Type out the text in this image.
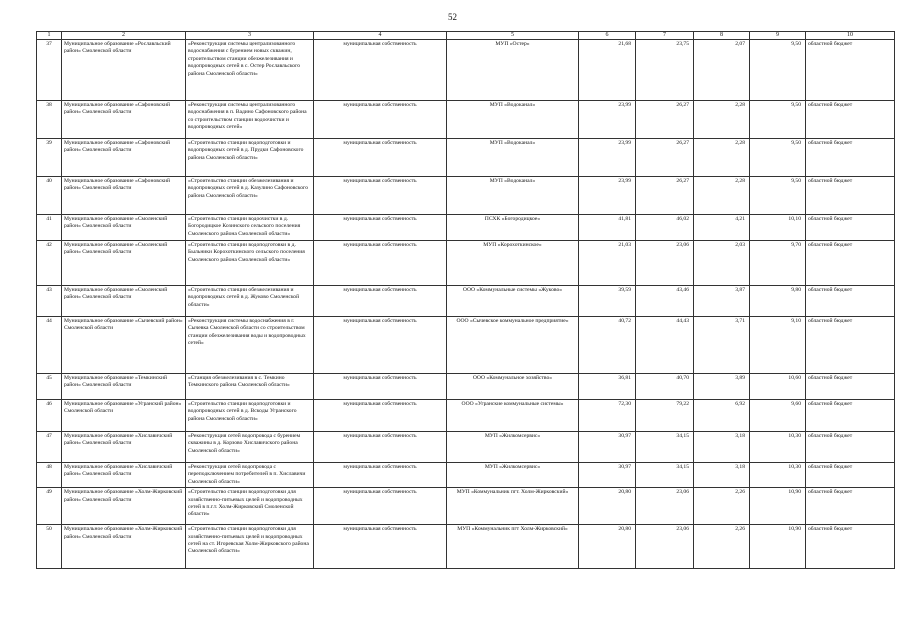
52
1	2	3	4	5	6	7	8	9	10
37	Муниципальное образование «Рославльский район» Смоленской области	«Реконструкция системы централизованного водоснабжения с бурением новых скважин, строительством станции обезжелезивания и водопроводных сетей в с. Остер Рославльского района Смоленской области»	муниципальная собственность	МУП «Остер»	21,68	23,75	2,07	9,50	областной бюджет
38	Муниципальное образование «Сафоновский район» Смоленской области	«Реконструкция системы централизованного водоснабжения в п. Вадино Сафоновского района со строительством станции водоочистки и водопроводных сетей»	муниципальная собственность	МУП «Водоканал»	23,99	26,27	2,28	9,50	областной бюджет
39	Муниципальное образование «Сафоновский район» Смоленской области	«Строительство станции водоподготовки и водопроводных сетей в д. Прудки Сафоновского района Смоленской области»	муниципальная собственность	МУП «Водоканал»	23,99	26,27	2,28	9,50	областной бюджет
40	Муниципальное образование «Сафоновский район» Смоленской области	«Строительство станции обезжелезивания и водопроводных сетей в д. Казулино Сафоновского района Смоленской области»	муниципальная собственность	МУП «Водоканал»	23,99	26,27	2,28	9,50	областной бюджет
41	Муниципальное образование «Смоленский район» Смоленской области	«Строительство станции водоочистки в д. Богородицкое Козинского сельского поселения Смоленского района Смоленской области»	муниципальная собственность	ПСХК «Богородицкое»	41,81	46,02	4,21	10,10	областной бюджет
42	Муниципальное образование «Смоленский район» Смоленской области	«Строительство станции водоподготовки в д. Быльники Корохоткинского сельского поселения Смоленского района Смоленской области»	муниципальная собственность	МУП «Корохоткинское»	21,03	23,06	2,03	9,70	областной бюджет
43	Муниципальное образование «Смоленский район» Смоленской области	«Строительство станции обезжелезивания и водопроводных сетей в д. Жуково Смоленской области»	муниципальная собственность	ООО «Коммунальные системы «Жуково»	39,59	43,46	3,87	9,80	областной бюджет
44	Муниципальное образование «Сычевский район» Смоленской области	«Реконструкция системы водоснабжения в г. Сычевка Смоленской области со строительством станции обезжелезивания воды и водопроводных сетей»	муниципальная собственность	ООО «Сычевское коммунальное предприятие»	40,72	44,43	3,71	9,10	областной бюджет
45	Муниципальное образование «Темкинский район» Смоленской области	«Станция обезжелезивания в с. Темкино Темкинского района Смоленской области»	муниципальная собственность	ООО «Коммунальное хозяйство»	36,81	40,70	3,89	10,60	областной бюджет
46	Муниципальное образование «Угранский район» Смоленской области	«Строительство станции водоподготовки и водопроводных сетей в д. Вскоды Угранского района Смоленской области»	муниципальная собственность	ООО «Угранские коммунальные системы»	72,30	79,22	6,92	9,60	областной бюджет
47	Муниципальное образование «Хиславичский район» Смоленской области	«Реконструкция сетей водопровода с бурением скважины в д. Корзово Хиславичского района Смоленской области»	муниципальная собственность	МУП «Жилкомсервис»	30,97	34,15	3,18	10,30	областной бюджет
48	Муниципальное образование «Хиславичский район» Смоленской области	«Реконструкция сетей водопровода с переподключением потребителей в п. Хиславичи Смоленской области»	муниципальная собственность	МУП «Жилкомсервис»	30,97	34,15	3,18	10,30	областной бюджет
49	Муниципальное образование «Холм-Жирковский район» Смоленской области	«Строительство станции водоподготовки для хозяйственно-питьевых целей и водопроводных сетей в п.г.т. Холм-Жирковский Смоленской области»	муниципальная собственность	МУП «Коммунальник пгт. Холм-Жирковский»	20,80	23,06	2,26	10,90	областной бюджет
50	Муниципальное образование «Холм-Жирковский район» Смоленской области	«Строительство станции водоподготовки для хозяйственно-питьевых целей и водопроводных сетей на ст. Игоревская Холм-Жирковского района Смоленской области»	муниципальная собственность	МУП «Коммунальник пгт Холм-Жирковский»	20,80	23,06	2,26	10,90	областной бюджет
